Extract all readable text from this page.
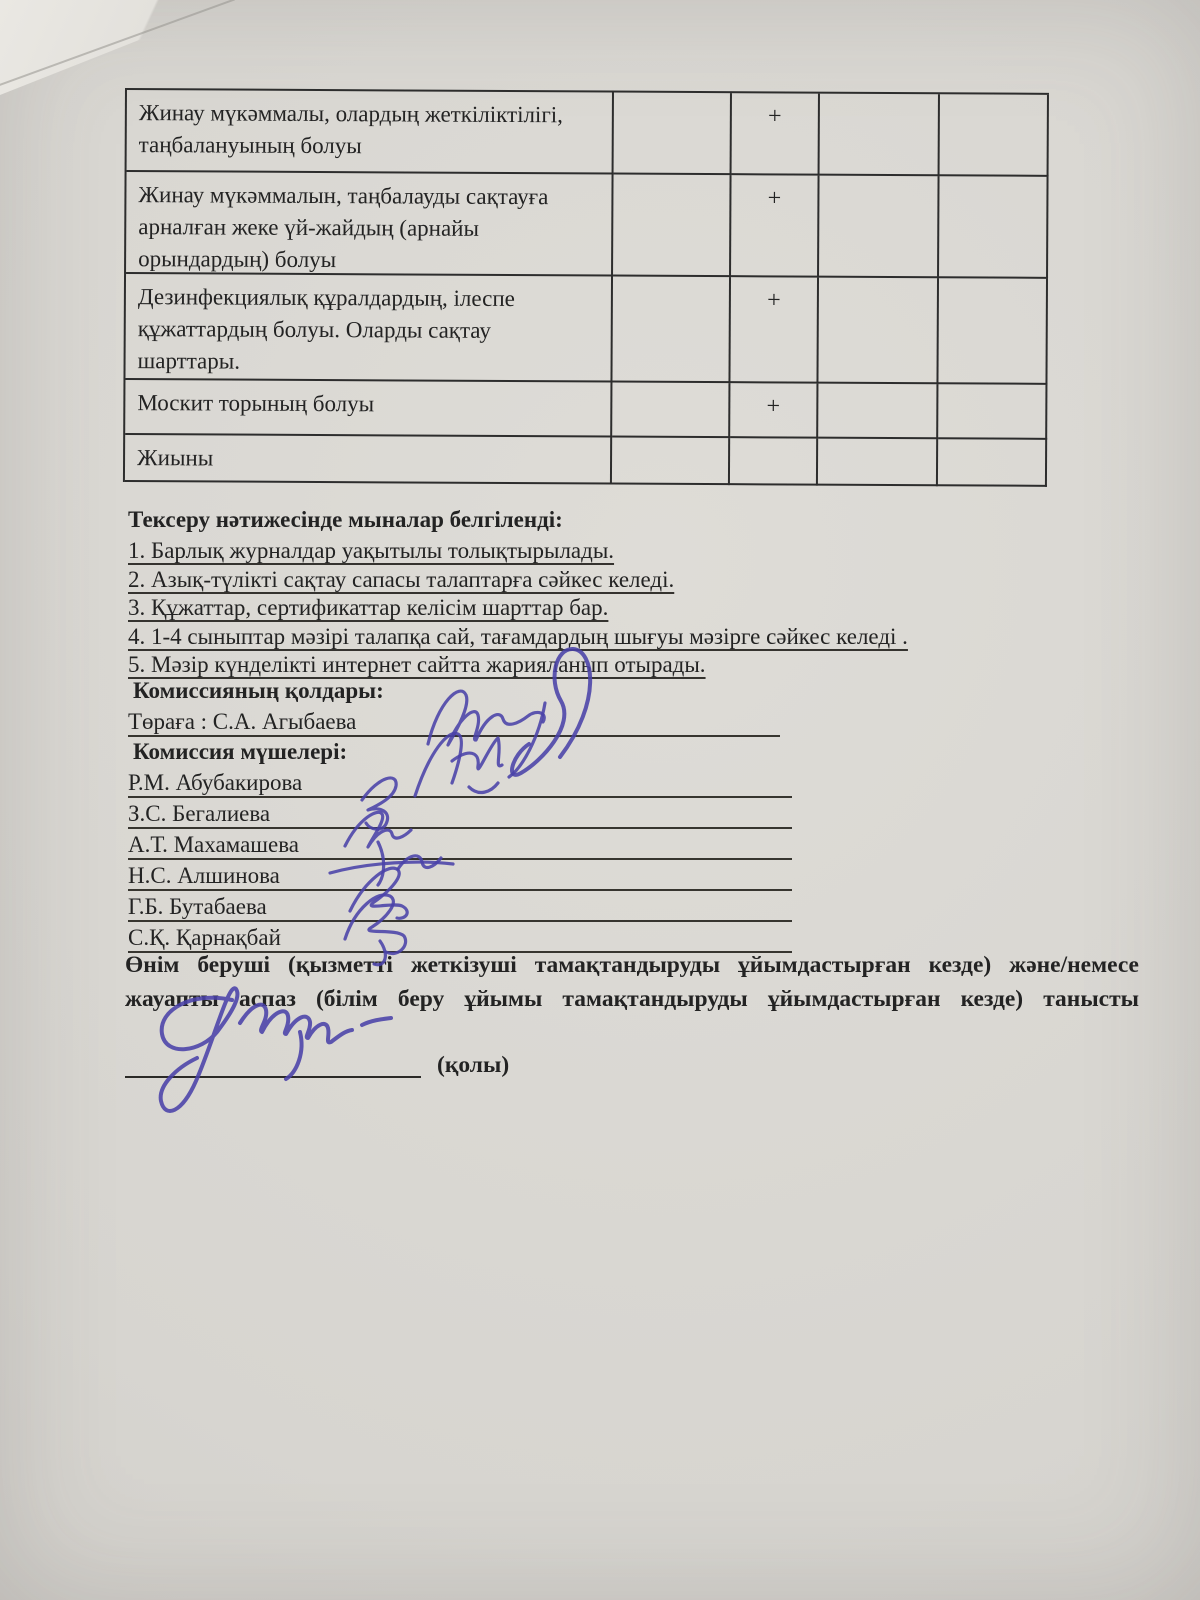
Жинау мүкәммалы, олардың жеткіліктілігі, таңбалануының болуы
+
Жинау мүкәммалын, таңбалауды сақтауға арналған жеке үй-жайдың (арнайы орындардың) болуы
+
Дезинфекциялық құралдардың, ілеспе құжаттардың болуы. Оларды сақтау шарттары.
+
Москит торының болуы	+
Жиыны
Тексеру нәтижесінде мыналар белгіленді:
1. Барлық журналдар уақытылы толықтырылады.
2. Азық-түлікті сақтау сапасы талаптарға сәйкес келеді.
3. Құжаттар, сертификаттар келісім шарттар бар.
4. 1-4 сыныптар мәзірі талапқа сай, тағамдардың шығуы мәзірге сәйкес келеді .
5. Мәзір күнделікті интернет сайтта жарияланып отырады.
Комиссияның қолдары:
Төраға : С.А. Агыбаева
Комиссия мүшелері:
Р.М. Абубакирова
З.С. Бегалиева
А.Т. Махамашева
Н.С. Алшинова
Г.Б. Бутабаева
С.Қ. Қарнақбай

Өнім беруші (қызметті жеткізуші тамақтандыруды ұйымдастырған кезде) және/немесе жауапты аспаз (білім беру ұйымы тамақтандыруды ұйымдастырған кезде) танысты

(қолы)
